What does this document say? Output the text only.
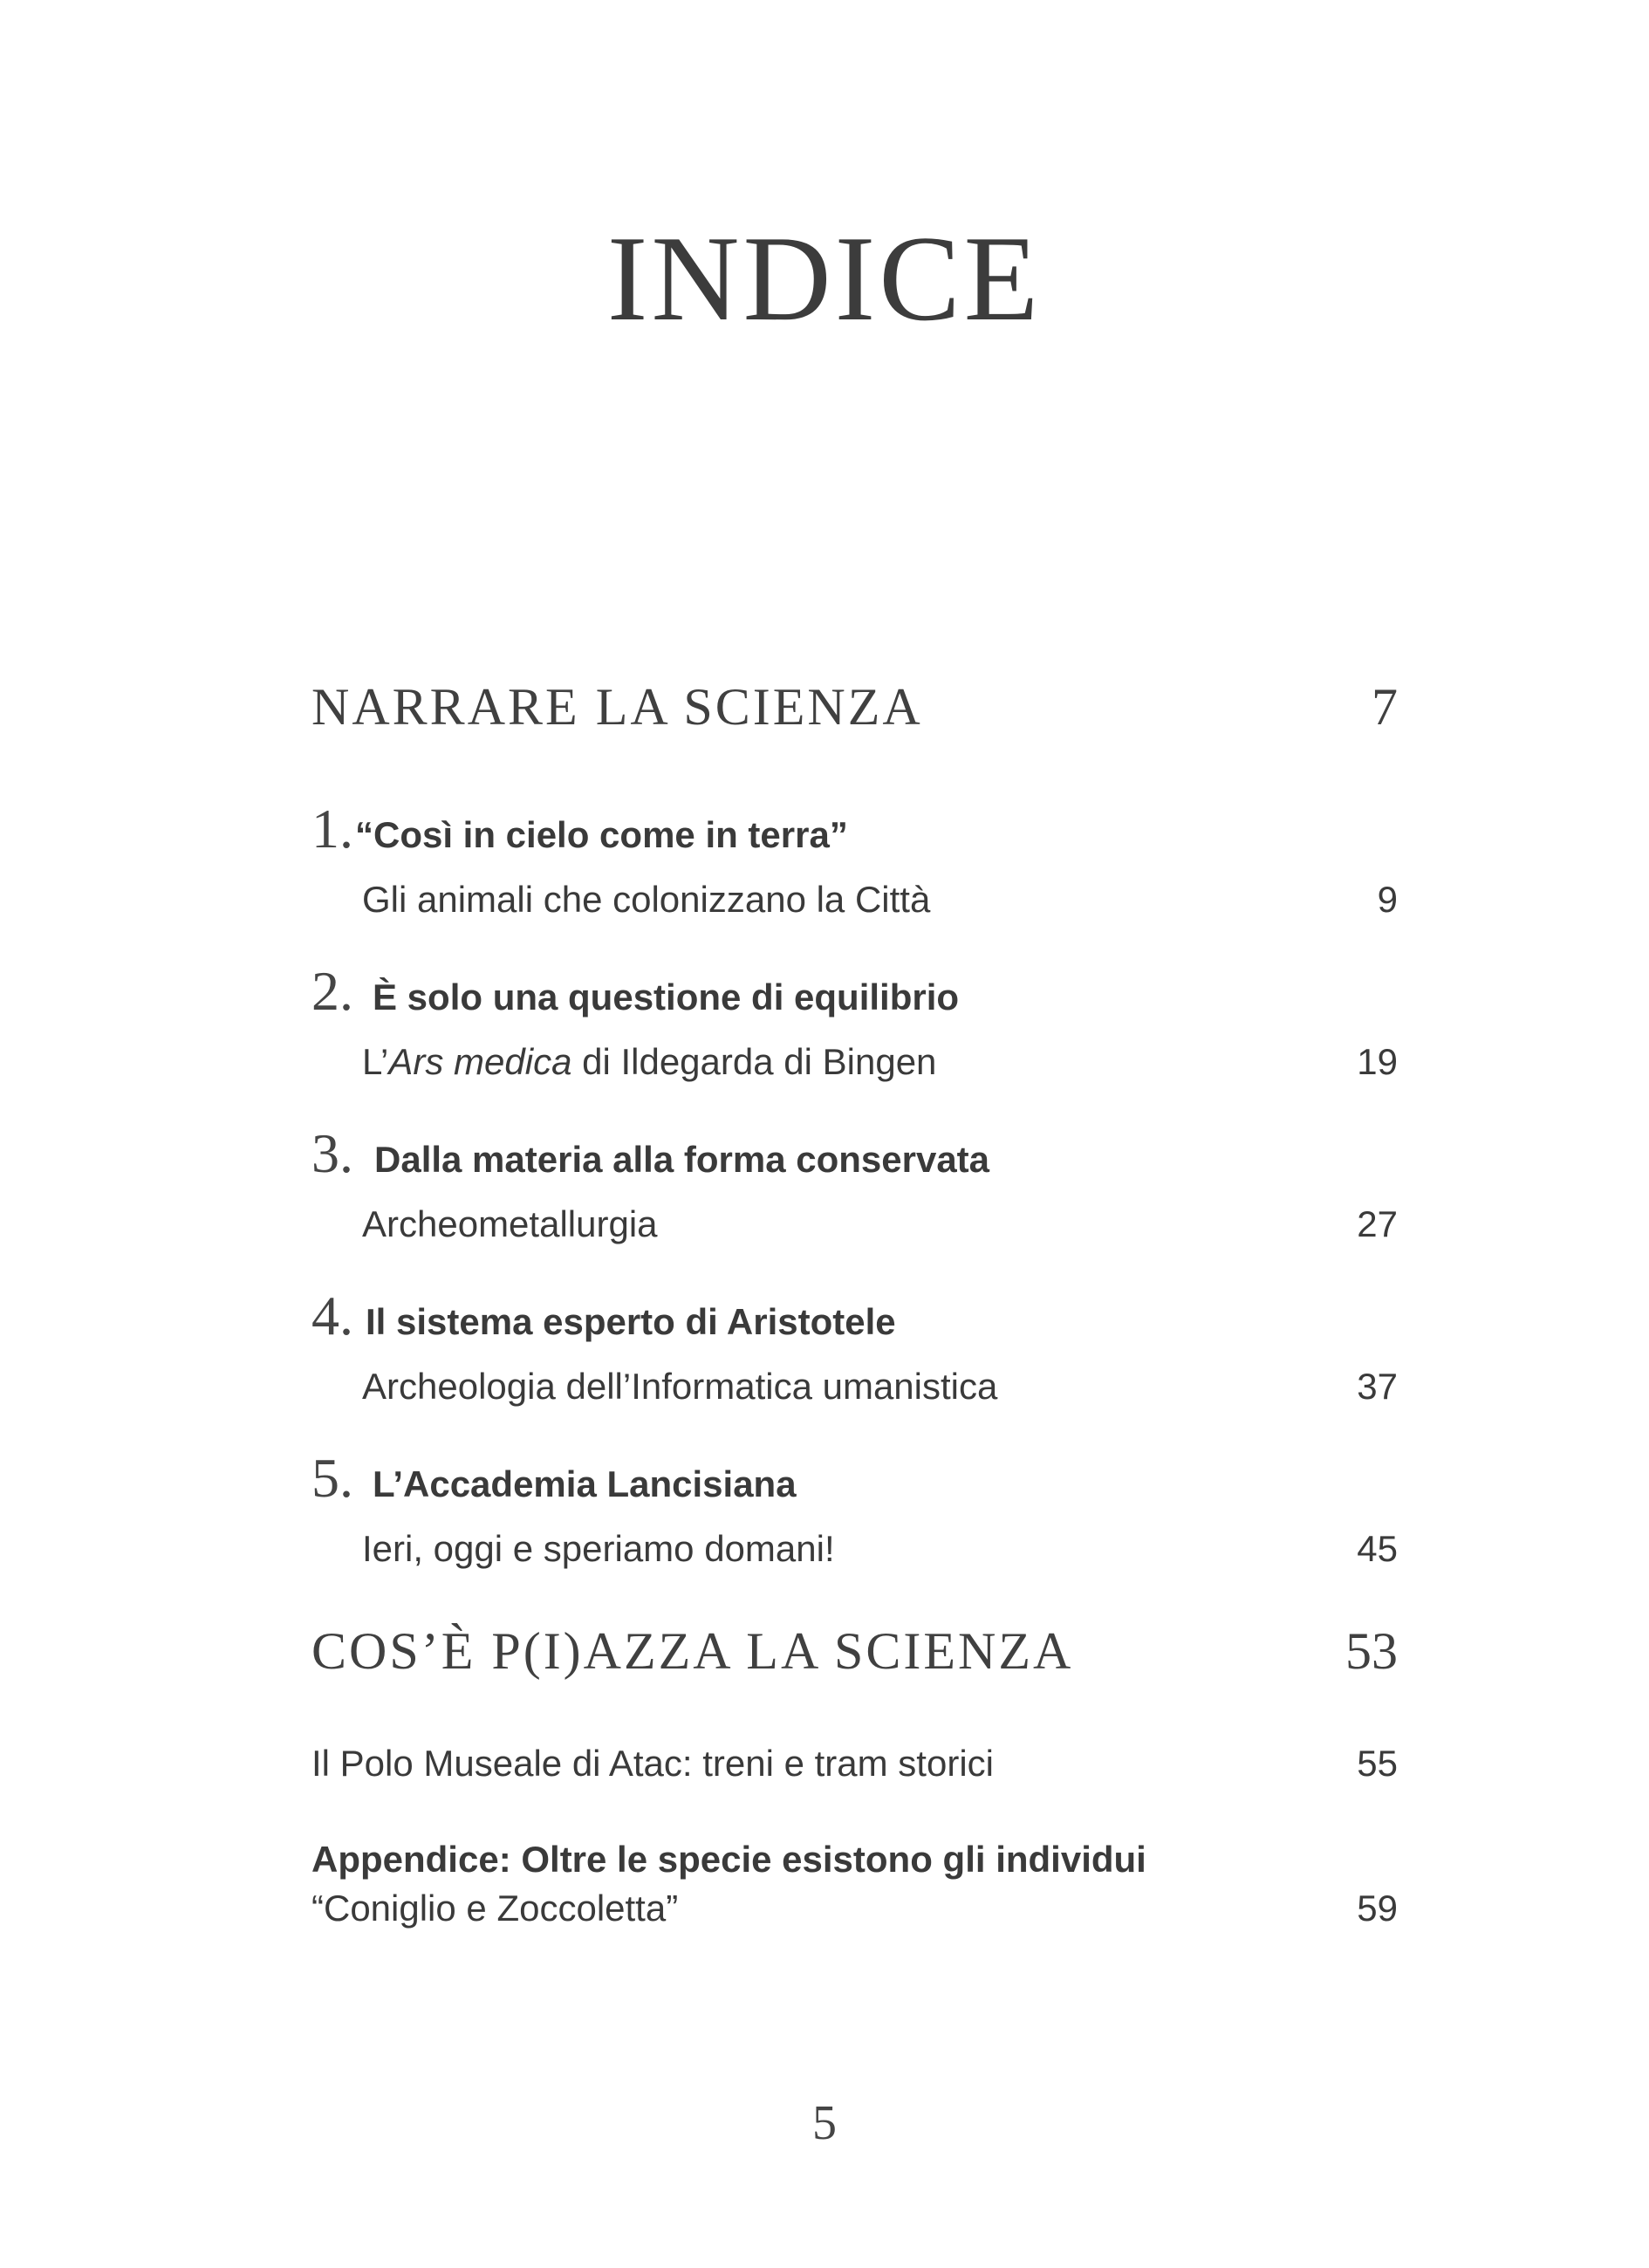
INDICE
NARRARE LA SCIENZA	7
1. “Così in cielo come in terra”
Gli animali che colonizzano la Città	9
2. È solo una questione di equilibrio
L’Ars medica di Ildegarda di Bingen	19
3. Dalla materia alla forma conservata
Archeometallurgia	27
4. Il sistema esperto di Aristotele
Archeologia dell’Informatica umanistica	37
5. L’Accademia Lancisiana
Ieri, oggi e speriamo domani!	45
COS’È P(I)AZZA LA SCIENZA	53
Il Polo Museale di Atac: treni e tram storici	55
Appendice: Oltre le specie esistono gli individui
“Coniglio e Zoccoletta”	59
5
